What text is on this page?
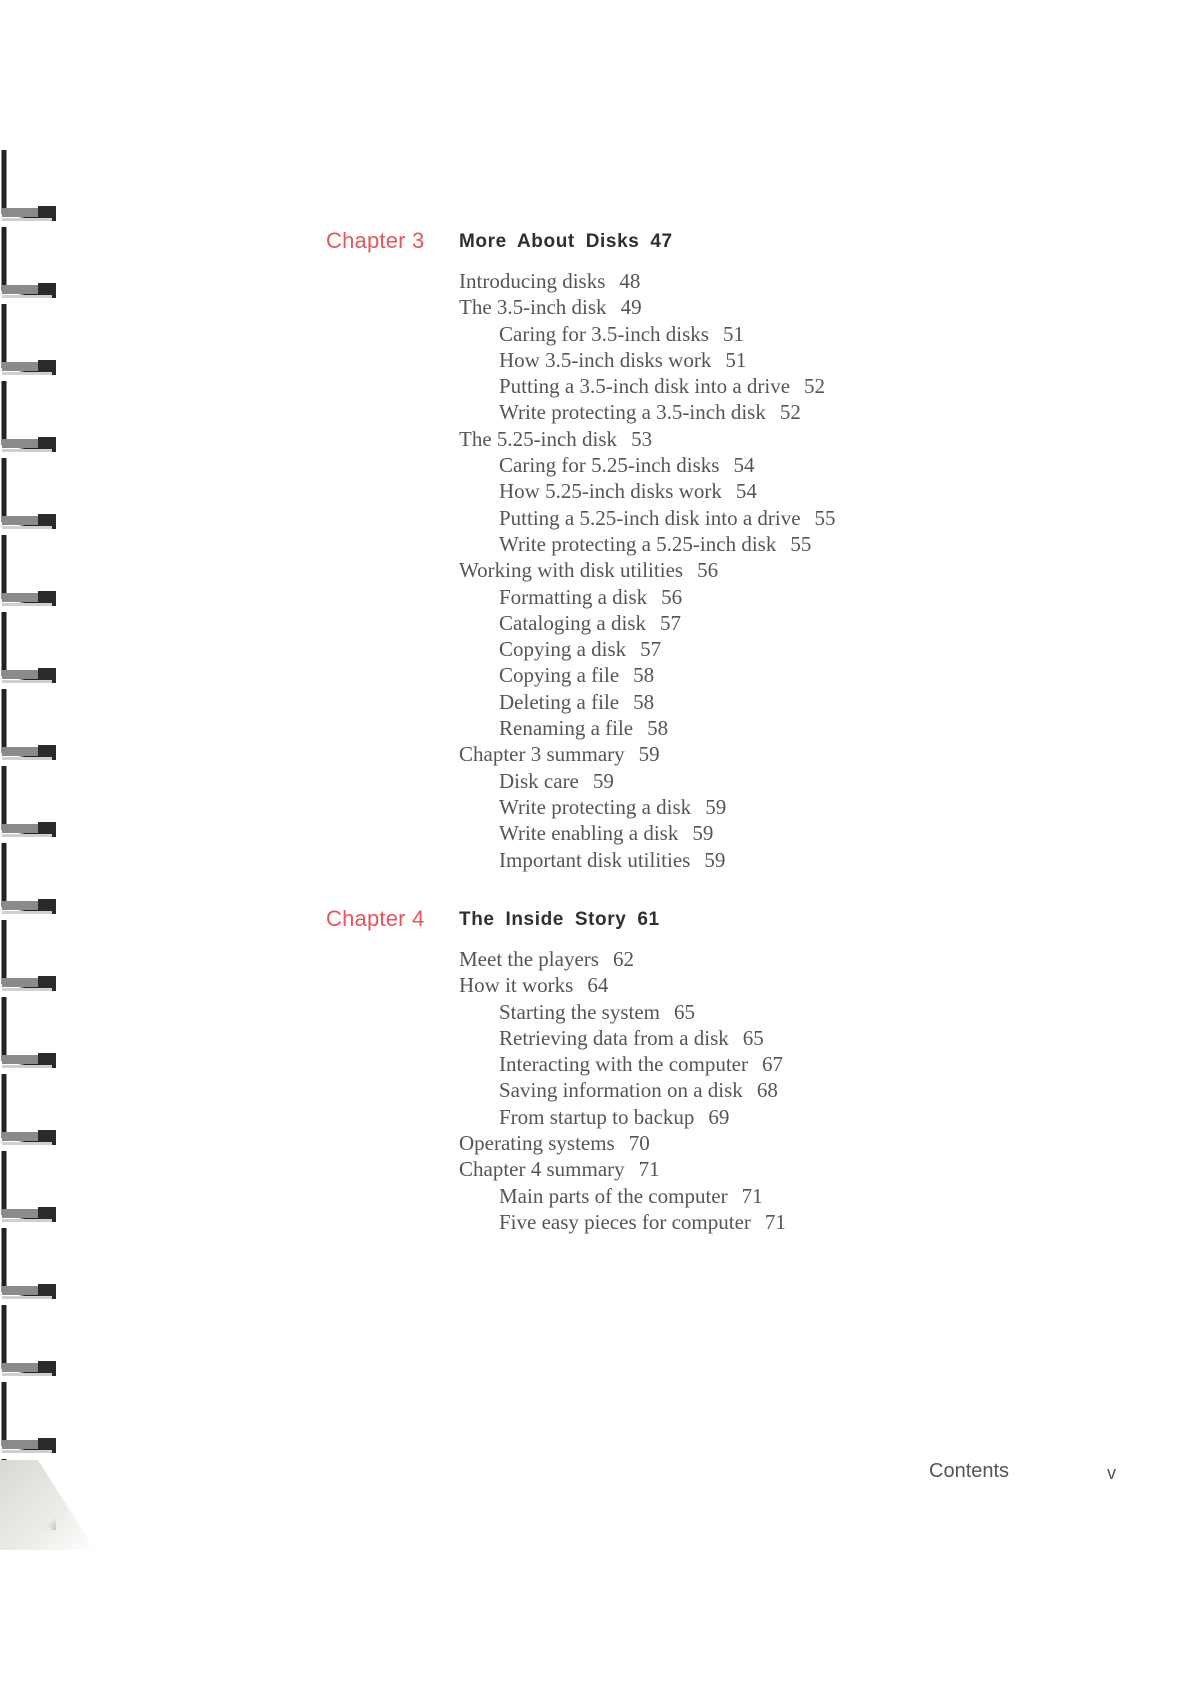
Chapter 3 More About Disks 47
Introducing disks 48
The 3.5-inch disk 49
Caring for 3.5-inch disks 51
How 3.5-inch disks work 51
Putting a 3.5-inch disk into a drive 52
Write protecting a 3.5-inch disk 52
The 5.25-inch disk 53
Caring for 5.25-inch disks 54
How 5.25-inch disks work 54
Putting a 5.25-inch disk into a drive 55
Write protecting a 5.25-inch disk 55
Working with disk utilities 56
Formatting a disk 56
Cataloging a disk 57
Copying a disk 57
Copying a file 58
Deleting a file 58
Renaming a file 58
Chapter 3 summary 59
Disk care 59
Write protecting a disk 59
Write enabling a disk 59
Important disk utilities 59
Chapter 4 The Inside Story 61
Meet the players 62
How it works 64
Starting the system 65
Retrieving data from a disk 65
Interacting with the computer 67
Saving information on a disk 68
From startup to backup 69
Operating systems 70
Chapter 4 summary 71
Main parts of the computer 71
Five easy pieces for computer 71
Contents	v
